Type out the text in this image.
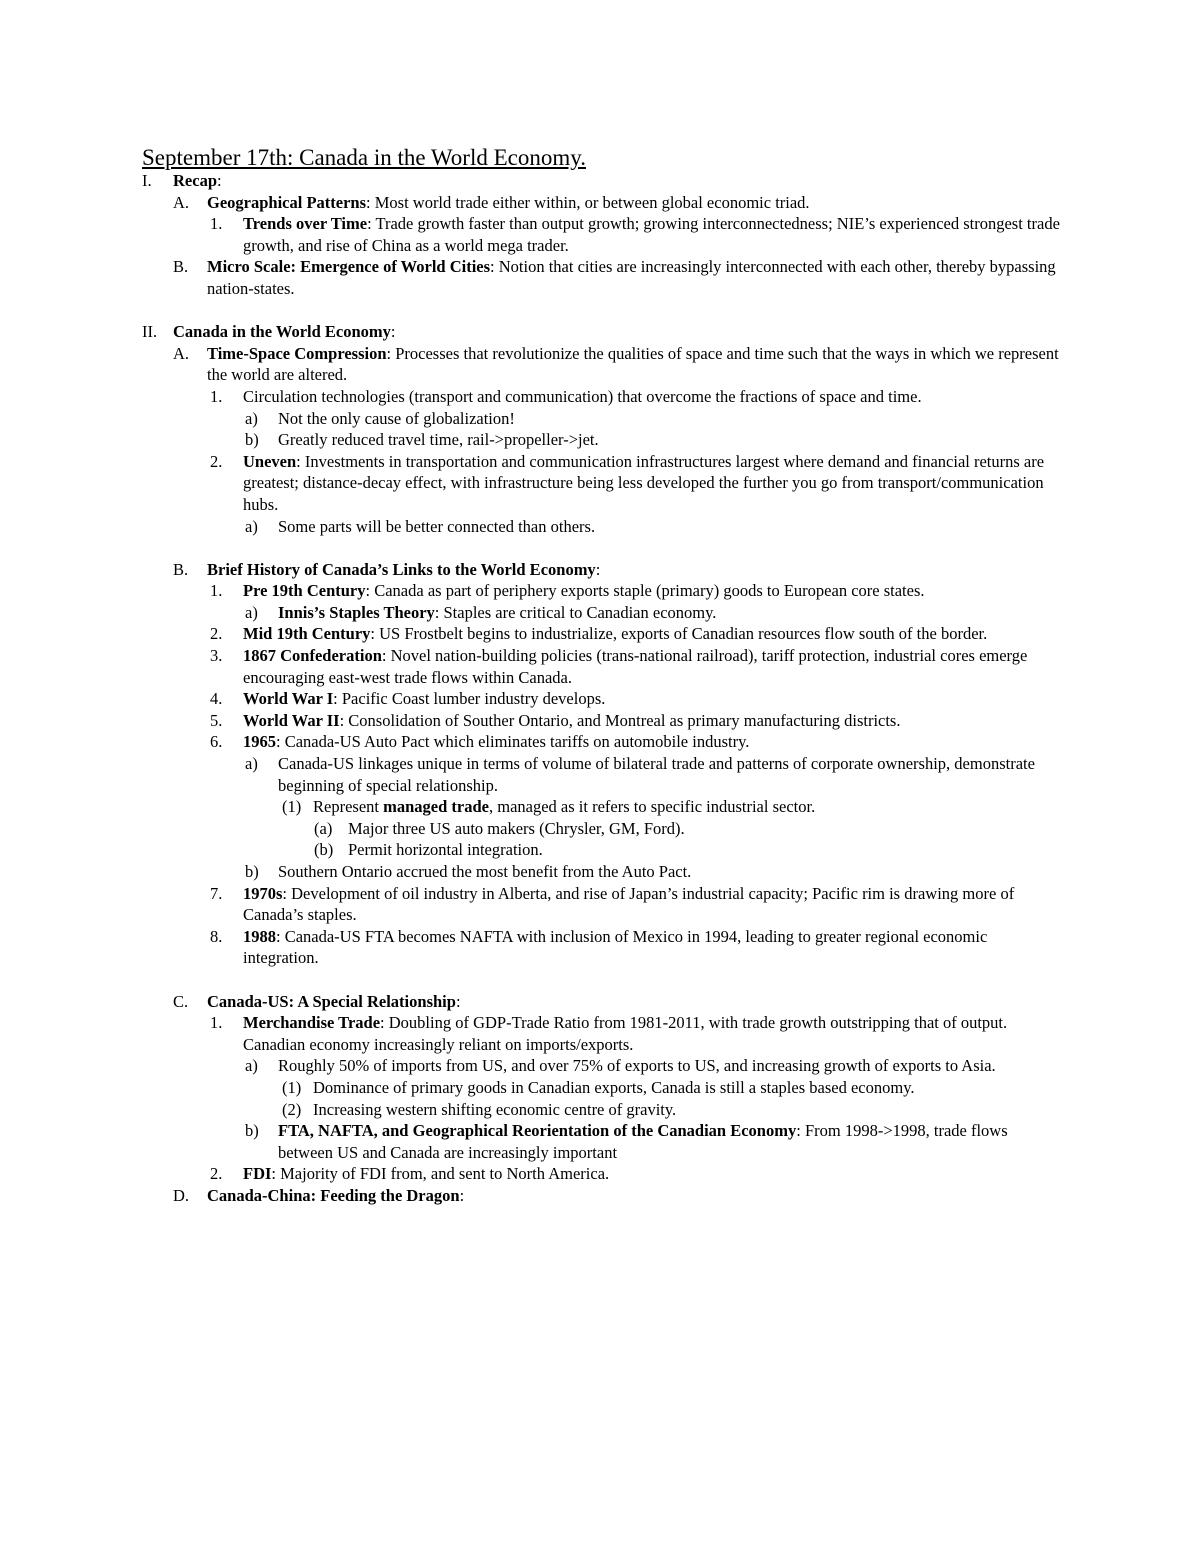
September 17th: Canada in the World Economy.
I. Recap:
A. Geographical Patterns: Most world trade either within, or between global economic triad.
1. Trends over Time: Trade growth faster than output growth; growing interconnectedness; NIE’s experienced strongest trade growth, and rise of China as a world mega trader.
B. Micro Scale: Emergence of World Cities: Notion that cities are increasingly interconnected with each other, thereby bypassing nation-states.
II. Canada in the World Economy:
A. Time-Space Compression: Processes that revolutionize the qualities of space and time such that the ways in which we represent the world are altered.
1. Circulation technologies (transport and communication) that overcome the fractions of space and time.
a) Not the only cause of globalization!
b) Greatly reduced travel time, rail->propeller->jet.
2. Uneven: Investments in transportation and communication infrastructures largest where demand and financial returns are greatest; distance-decay effect, with infrastructure being less developed the further you go from transport/communication hubs.
a) Some parts will be better connected than others.
B. Brief History of Canada’s Links to the World Economy:
1. Pre 19th Century: Canada as part of periphery exports staple (primary) goods to European core states.
a) Innis’s Staples Theory: Staples are critical to Canadian economy.
2. Mid 19th Century: US Frostbelt begins to industrialize, exports of Canadian resources flow south of the border.
3. 1867 Confederation: Novel nation-building policies (trans-national railroad), tariff protection, industrial cores emerge encouraging east-west trade flows within Canada.
4. World War I: Pacific Coast lumber industry develops.
5. World War II: Consolidation of Souther Ontario, and Montreal as primary manufacturing districts.
6. 1965: Canada-US Auto Pact which eliminates tariffs on automobile industry.
a) Canada-US linkages unique in terms of volume of bilateral trade and patterns of corporate ownership, demonstrate beginning of special relationship.
(1) Represent managed trade, managed as it refers to specific industrial sector.
(a) Major three US auto makers (Chrysler, GM, Ford).
(b) Permit horizontal integration.
b) Southern Ontario accrued the most benefit from the Auto Pact.
7. 1970s: Development of oil industry in Alberta, and rise of Japan’s industrial capacity; Pacific rim is drawing more of Canada’s staples.
8. 1988: Canada-US FTA becomes NAFTA with inclusion of Mexico in 1994, leading to greater regional economic integration.
C. Canada-US: A Special Relationship:
1. Merchandise Trade: Doubling of GDP-Trade Ratio from 1981-2011, with trade growth outstripping that of output. Canadian economy increasingly reliant on imports/exports.
a) Roughly 50% of imports from US, and over 75% of exports to US, and increasing growth of exports to Asia.
(1) Dominance of primary goods in Canadian exports, Canada is still a staples based economy.
(2) Increasing western shifting economic centre of gravity.
b) FTA, NAFTA, and Geographical Reorientation of the Canadian Economy: From 1998->1998, trade flows between US and Canada are increasingly important
2. FDI: Majority of FDI from, and sent to North America.
D. Canada-China: Feeding the Dragon:
